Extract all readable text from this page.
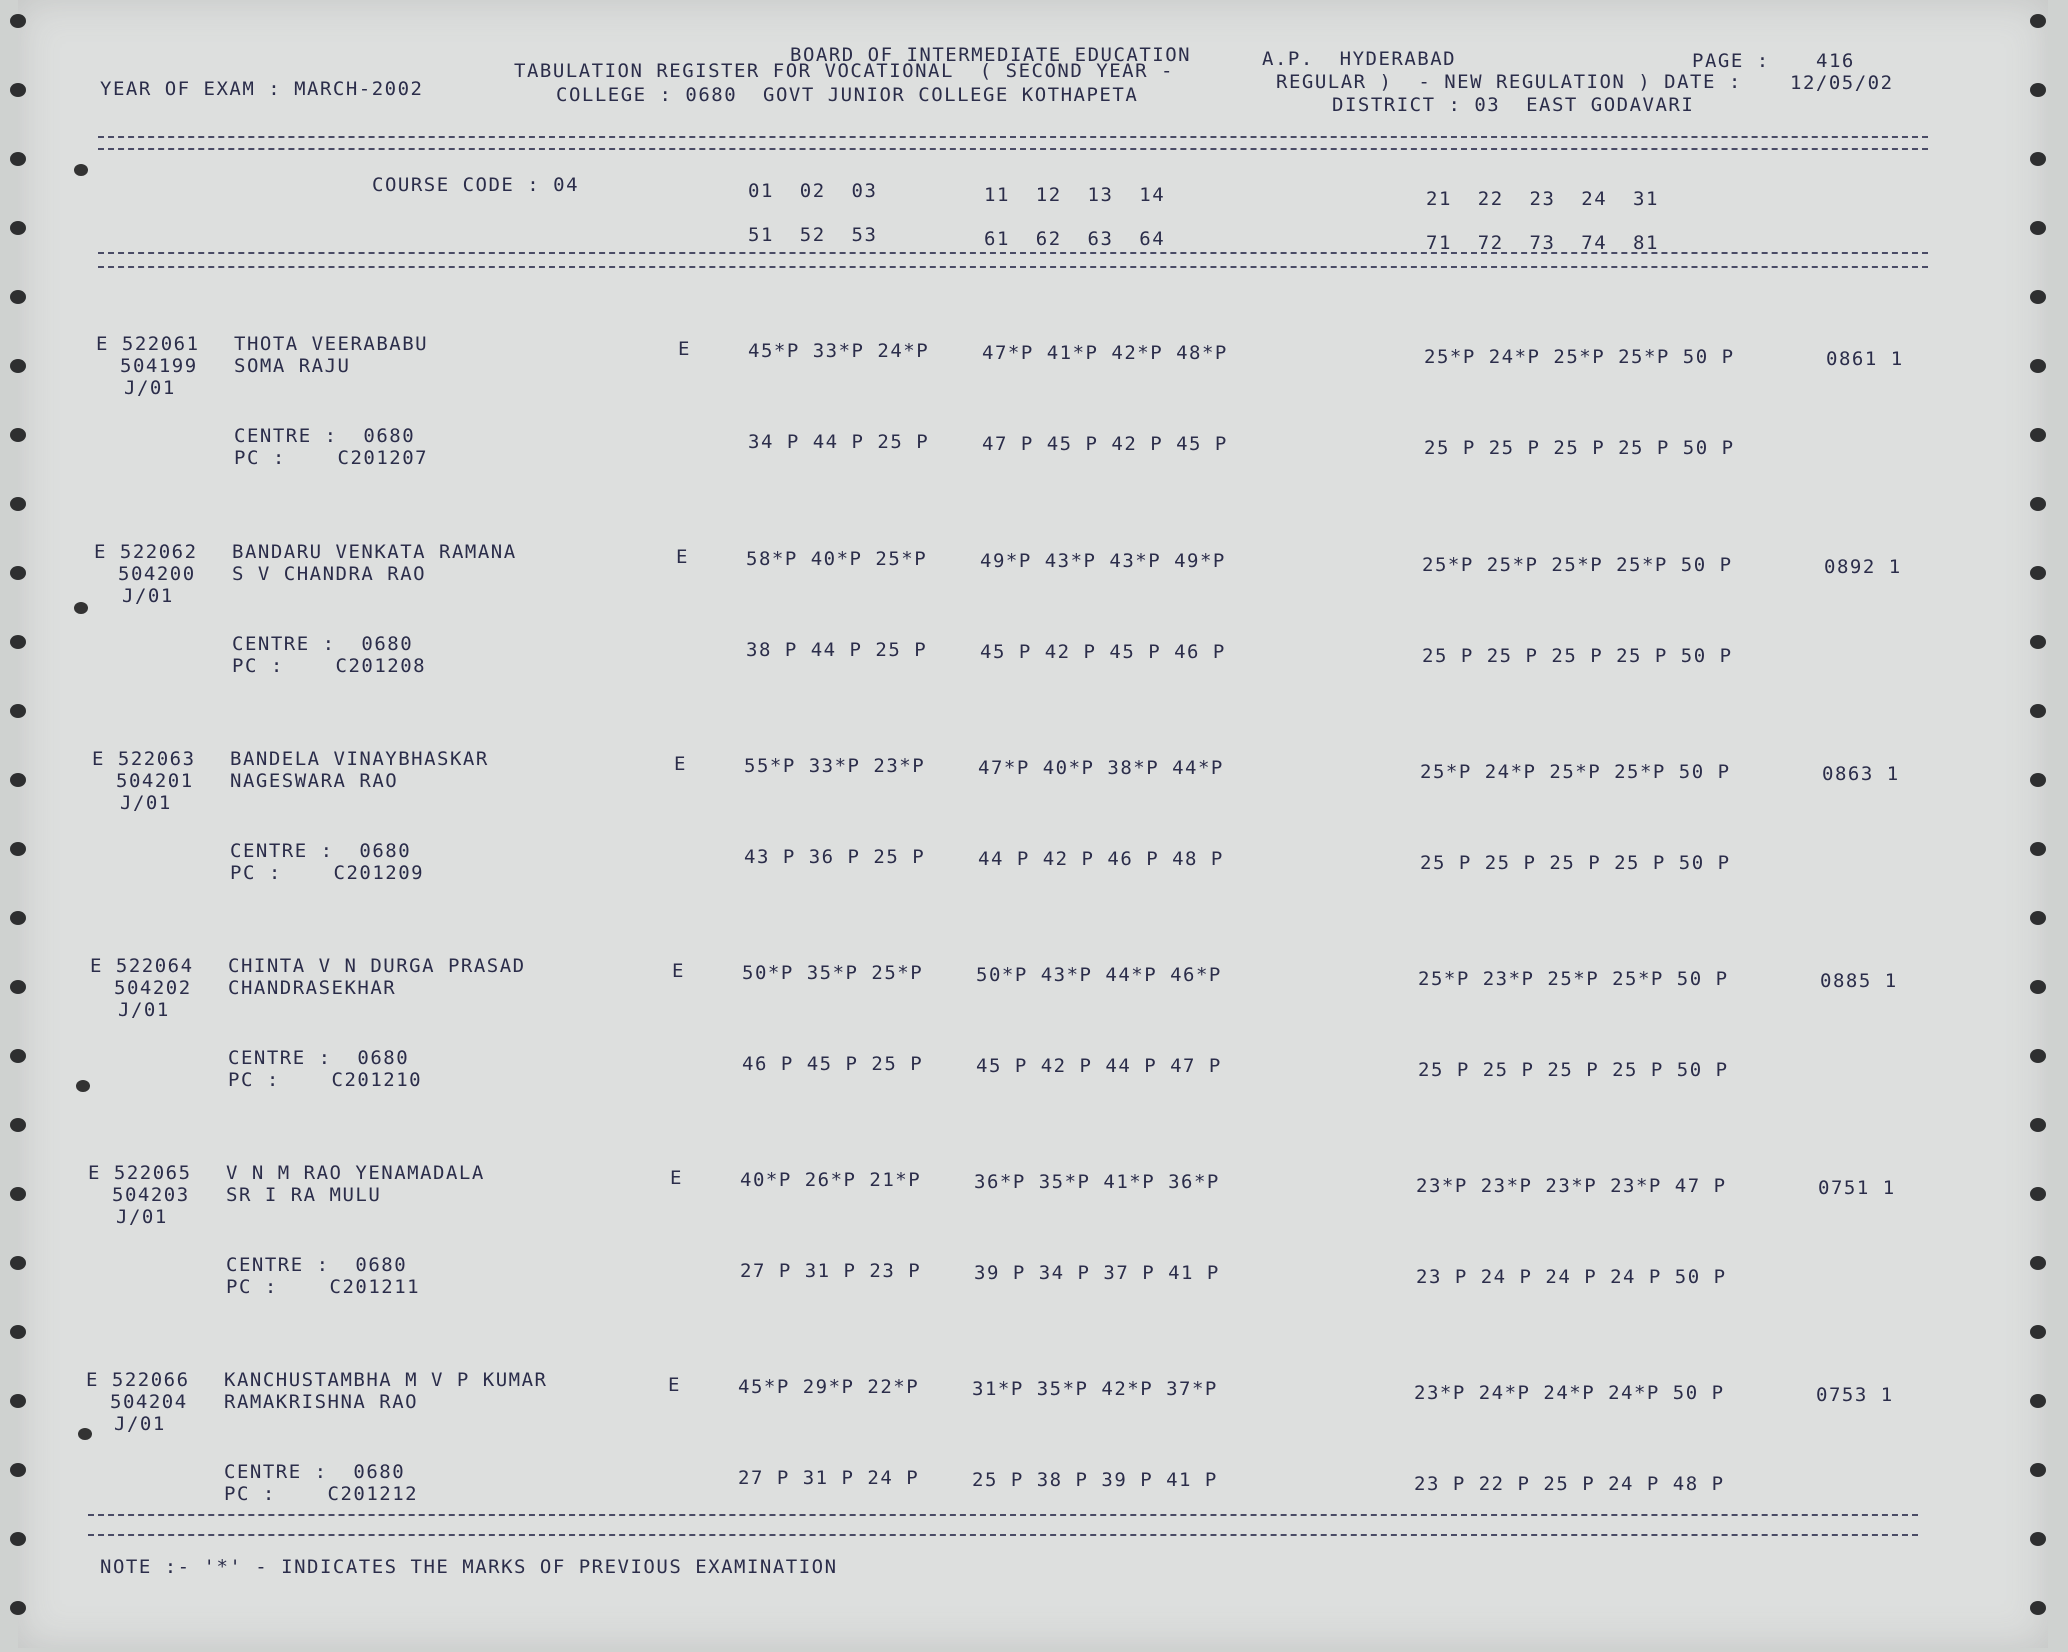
BOARD OF INTERMEDIATE EDUCATION	A.P.  HYDERABAD	PAGE : 416
YEAR OF EXAM : MARCH-2002
TABULATION REGISTER FOR VOCATIONAL  ( SECOND YEAR -	REGULAR )  - NEW REGULATION ) DATE :	12/05/02
COLLEGE : 0680  GOVT JUNIOR COLLEGE KOTHAPETA	DISTRICT : 03  EAST GODAVARI
COURSE CODE : 04	01  02  03	11  12  13  14	21  22  23  24  31
51  52  53	61  62  63  64	71  72  73  74  81
E 522061
504199
J/01
THOTA VEERABABU
SOMA RAJU
E	45*P 33*P 24*P	47*P 41*P 42*P 48*P	25*P 24*P 25*P 25*P 50 P	0861 1
CENTRE :  0680
PC :    C201207
34 P 44 P 25 P	47 P 45 P 42 P 45 P	25 P 25 P 25 P 25 P 50 P
E 522062
504200
J/01
BANDARU VENKATA RAMANA
S V CHANDRA RAO
E	58*P 40*P 25*P	49*P 43*P 43*P 49*P	25*P 25*P 25*P 25*P 50 P	0892 1
CENTRE :  0680
PC :    C201208
38 P 44 P 25 P	45 P 42 P 45 P 46 P	25 P 25 P 25 P 25 P 50 P
E 522063
504201
J/01
BANDELA VINAYBHASKAR
NAGESWARA RAO
E	55*P 33*P 23*P	47*P 40*P 38*P 44*P	25*P 24*P 25*P 25*P 50 P	0863 1
CENTRE :  0680
PC :    C201209
43 P 36 P 25 P	44 P 42 P 46 P 48 P	25 P 25 P 25 P 25 P 50 P
E 522064
504202
J/01
CHINTA V N DURGA PRASAD
CHANDRASEKHAR
E	50*P 35*P 25*P	50*P 43*P 44*P 46*P	25*P 23*P 25*P 25*P 50 P	0885 1
CENTRE :  0680
PC :    C201210
46 P 45 P 25 P	45 P 42 P 44 P 47 P	25 P 25 P 25 P 25 P 50 P
E 522065
504203
J/01
V N M RAO YENAMADALA
SR I RA MULU
E	40*P 26*P 21*P	36*P 35*P 41*P 36*P	23*P 23*P 23*P 23*P 47 P	0751 1
CENTRE :  0680
PC :    C201211
27 P 31 P 23 P	39 P 34 P 37 P 41 P	23 P 24 P 24 P 24 P 50 P
E 522066
504204
J/01
KANCHUSTAMBHA M V P KUMAR
RAMAKRISHNA RAO
E	45*P 29*P 22*P	31*P 35*P 42*P 37*P	23*P 24*P 24*P 24*P 50 P	0753 1
CENTRE :  0680
PC :    C201212
27 P 31 P 24 P	25 P 38 P 39 P 41 P	23 P 22 P 25 P 24 P 48 P
NOTE :- '*' - INDICATES THE MARKS OF PREVIOUS EXAMINATION
